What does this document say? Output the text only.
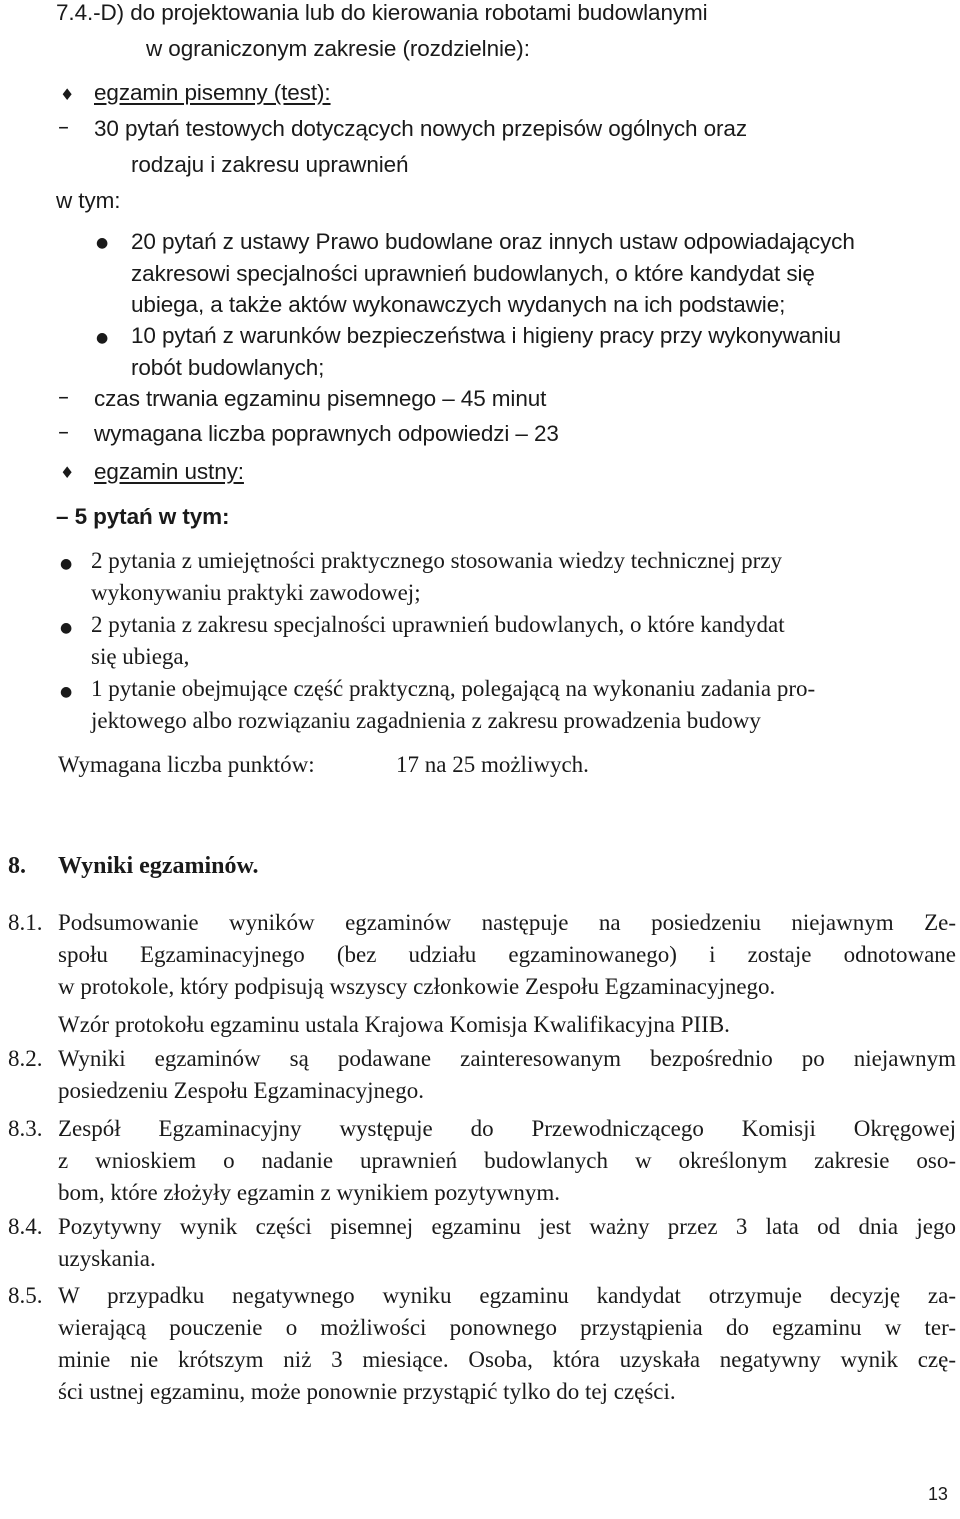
7.4.-D) do projektowania lub do kierowania robotami budowlanymi

w ograniczonym zakresie (rozdzielnie):

♦ egzamin pisemny (test):

– 30 pytań testowych dotyczących nowych przepisów ogólnych oraz

rodzaju i zakresu uprawnień

w tym:

● 20 pytań z ustawy Prawo budowlane oraz innych ustaw odpowiadających

zakresowi specjalności uprawnień budowlanych, o które kandydat się

ubiega, a także aktów wykonawczych wydanych na ich podstawie;

● 10 pytań z warunków bezpieczeństwa i higieny pracy przy wykonywaniu

robót budowlanych;

– czas trwania egzaminu pisemnego – 45 minut

– wymagana liczba poprawnych odpowiedzi – 23

♦ egzamin ustny:

– 5 pytań w tym:

● 2 pytania z umiejętności praktycznego stosowania wiedzy technicznej przy

wykonywaniu praktyki zawodowej;

● 2 pytania z zakresu specjalności uprawnień budowlanych, o które kandydat

się ubiega,

● 1 pytanie obejmujące część praktyczną, polegającą na wykonaniu zadania pro-

jektowego albo rozwiązaniu zagadnienia z zakresu prowadzenia budowy

Wymagana liczba punktów:	17 na 25 możliwych.

8. Wyniki egzaminów.

8.1. Podsumowanie wyników egzaminów następuje na posiedzeniu niejawnym Ze-

społu Egzaminacyjnego (bez udziału egzaminowanego) i zostaje odnotowane

w protokole, który podpisują wszyscy członkowie Zespołu Egzaminacyjnego.

Wzór protokołu egzaminu ustala Krajowa Komisja Kwalifikacyjna PIIB.

8.2. Wyniki egzaminów są podawane zainteresowanym bezpośrednio po niejawnym

posiedzeniu Zespołu Egzaminacyjnego.

8.3. Zespół Egzaminacyjny występuje do Przewodniczącego Komisji Okręgowej

z wnioskiem o nadanie uprawnień budowlanych w określonym zakresie oso-

bom, które złożyły egzamin z wynikiem pozytywnym.

8.4. Pozytywny wynik części pisemnej egzaminu jest ważny przez 3 lata od dnia jego

uzyskania.

8.5. W przypadku negatywnego wyniku egzaminu kandydat otrzymuje decyzję za-

wierającą pouczenie o możliwości ponownego przystąpienia do egzaminu w ter-

minie nie krótszym niż 3 miesiące. Osoba, która uzyskała negatywny wynik czę-

ści ustnej egzaminu, może ponownie przystąpić tylko do tej części.

13
